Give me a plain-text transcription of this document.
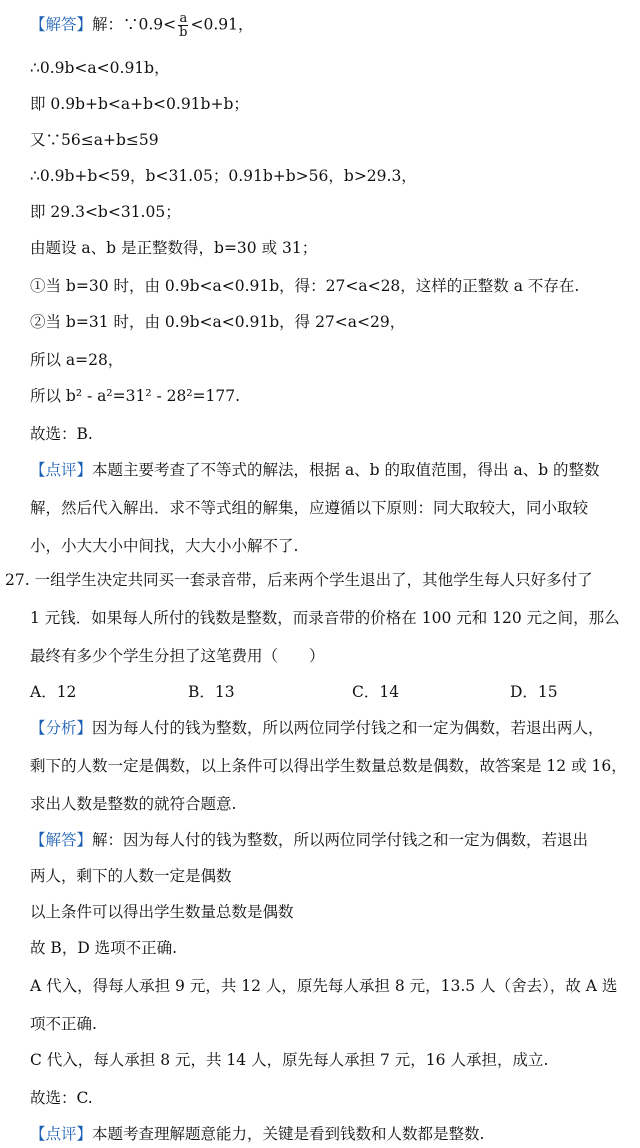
【解答】解：∵0.9< $\frac{a}{b} <0.91$，
∴0.9b<a<0.91b，
即 0.9b+b<a+b<0.91b+b；
又∵56≤a+b≤59
∴0.9b+b<59，b<31.05；0.91b+b>56，b>29.3，
即 29.3<b<31.05；
由题设 a、b 是正整数得，b=30 或 31；
①当 b=30 时，由 0.9b<a<0.91b，得：27<a<28，这样的正整数 a 不存在.
②当 b=31 时，由 0.9b<a<0.91b，得 27<a<29，
所以 a=28，
所以 b² - a²=31² - 28²=177.
故选：B.
【点评】本题主要考查了不等式的解法，根据 a、b 的取值范围，得出 a、b 的整数
解，然后代入解出．求不等式组的解集，应遵循以下原则：同大取较大，同小取较
小，小大大小中间找，大大小小解不了.
27. 一组学生决定共同买一套录音带，后来两个学生退出了，其他学生每人只好多付了
1 元钱．如果每人所付的钱数是整数，而录音带的价格在 100 元和 120 元之间，那么
最终有多少个学生分担了这笔费用（　　）
A．12	B．13	C．14	D．15
【分析】因为每人付的钱为整数，所以两位同学付钱之和一定为偶数，若退出两人，
剩下的人数一定是偶数，以上条件可以得出学生数量总数是偶数，故答案是 12 或 16，
求出人数是整数的就符合题意.
【解答】解：因为每人付的钱为整数，所以两位同学付钱之和一定为偶数，若退出
两人，剩下的人数一定是偶数
以上条件可以得出学生数量总数是偶数
故 B，D 选项不正确.
A 代入，得每人承担 9 元，共 12 人，原先每人承担 8 元，13.5 人（舍去），故 A 选
项不正确.
C 代入，每人承担 8 元，共 14 人，原先每人承担 7 元，16 人承担，成立.
故选：C.
【点评】本题考查理解题意能力，关键是看到钱数和人数都是整数.
